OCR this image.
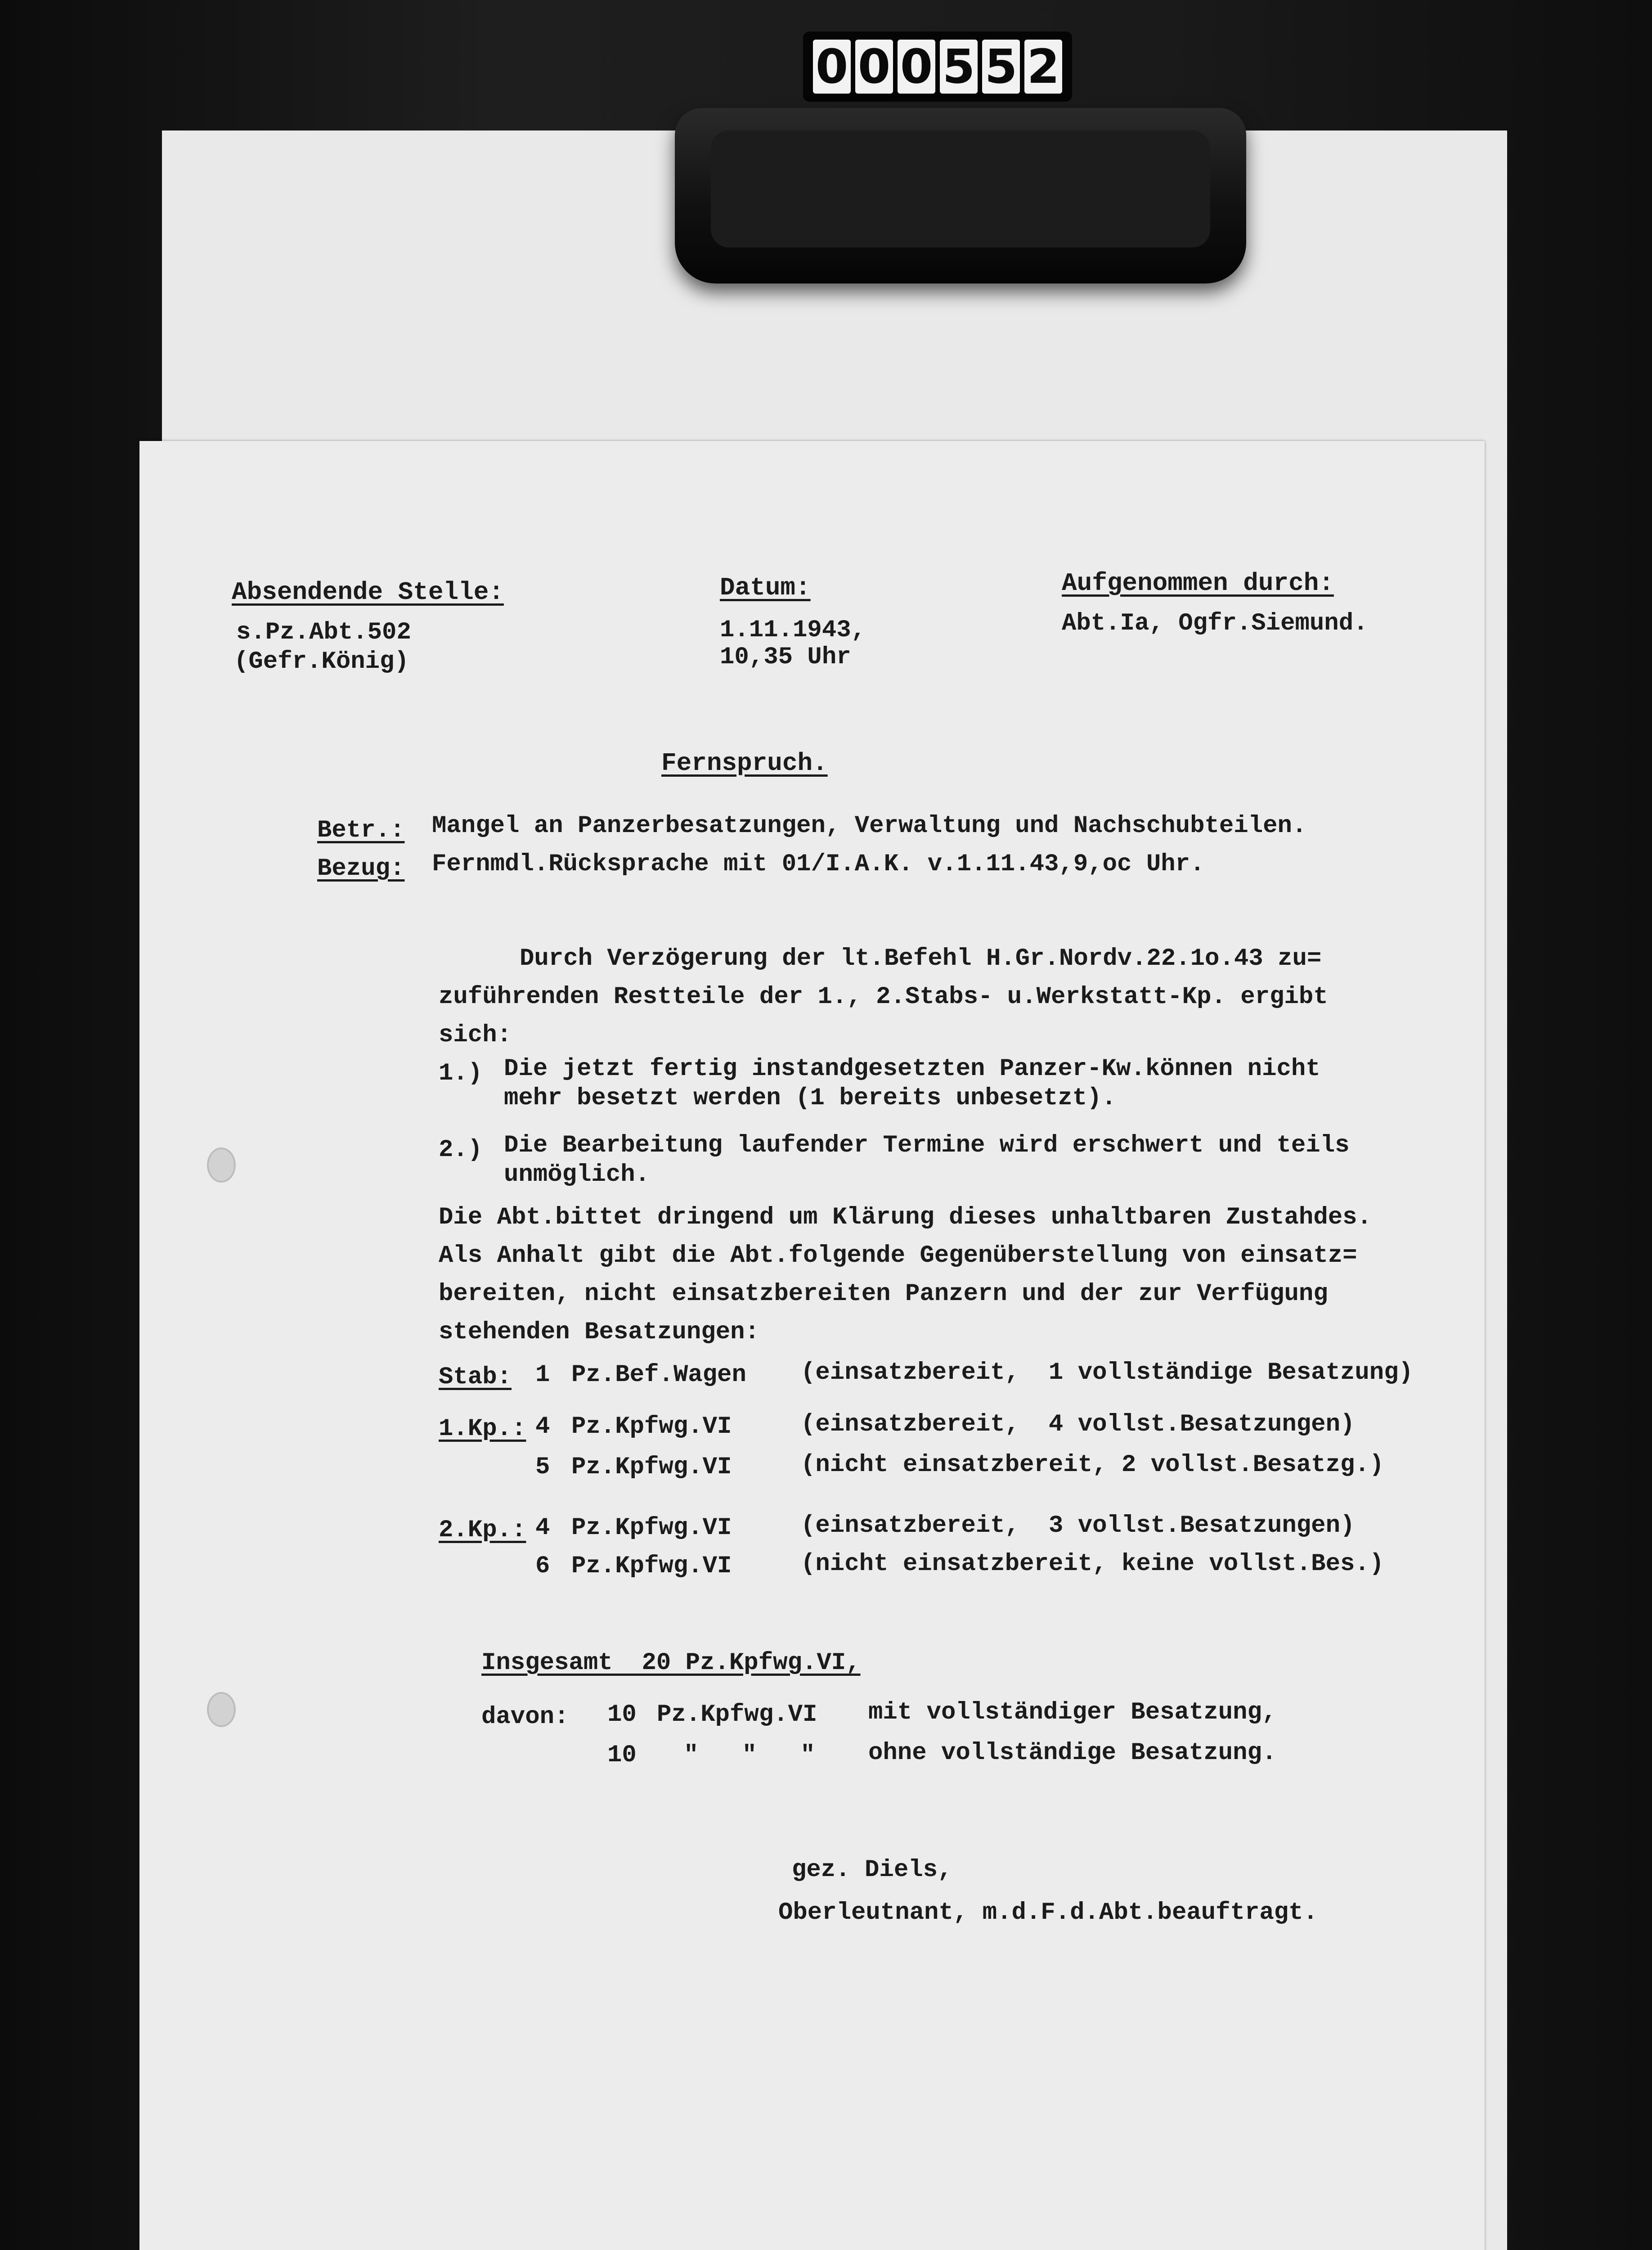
0 0 0 5 5 2
Absendende Stelle:
s.Pz.Abt.502
(Gefr.König)
Datum:
1.11.1943,
10,35 Uhr
Aufgenommen durch:
Abt.Ia, Ogfr.Siemund.
Fernspruch.
Betr.: Mangel an Panzerbesatzungen, Verwaltung und Nachschubteilen.
Bezug: Fernmdl.Rücksprache mit 01/I.A.K. v.1.11.43,9,oc Uhr.
Durch Verzögerung der lt.Befehl H.Gr.Nordv.22.1o.43 zu=
zuführenden Restteile der 1., 2.Stabs- u.Werkstatt-Kp. ergibt
sich:
1.) Die jetzt fertig instandgesetzten Panzer-Kw.können nicht
mehr besetzt werden (1 bereits unbesetzt).
2.) Die Bearbeitung laufender Termine wird erschwert und teils
unmöglich.
Die Abt.bittet dringend um Klärung dieses unhaltbaren Zustahdes.
Als Anhalt gibt die Abt.folgende Gegenüberstellung von einsatz=
bereiten, nicht einsatzbereiten Panzern und der zur Verfügung
stehenden Besatzungen:
Stab: 1 Pz.Bef.Wagen (einsatzbereit,  1 vollständige Besatzung)
1.Kp.: 4 Pz.Kpfwg.VI	(einsatzbereit,  4 vollst.Besatzungen)
5 Pz.Kpfwg.VI	(nicht einsatzbereit, 2 vollst.Besatzg.)
2.Kp.: 4 Pz.Kpfwg.VI	(einsatzbereit,  3 vollst.Besatzungen)
6 Pz.Kpfwg.VI	(nicht einsatzbereit, keine vollst.Bes.)
Insgesamt  20 Pz.Kpfwg.VI,
davon: 10 Pz.Kpfwg.VI mit vollständiger Besatzung,
10 "   "   " ohne vollständige Besatzung.
gez. Diels,
Oberleutnant, m.d.F.d.Abt.beauftragt.
